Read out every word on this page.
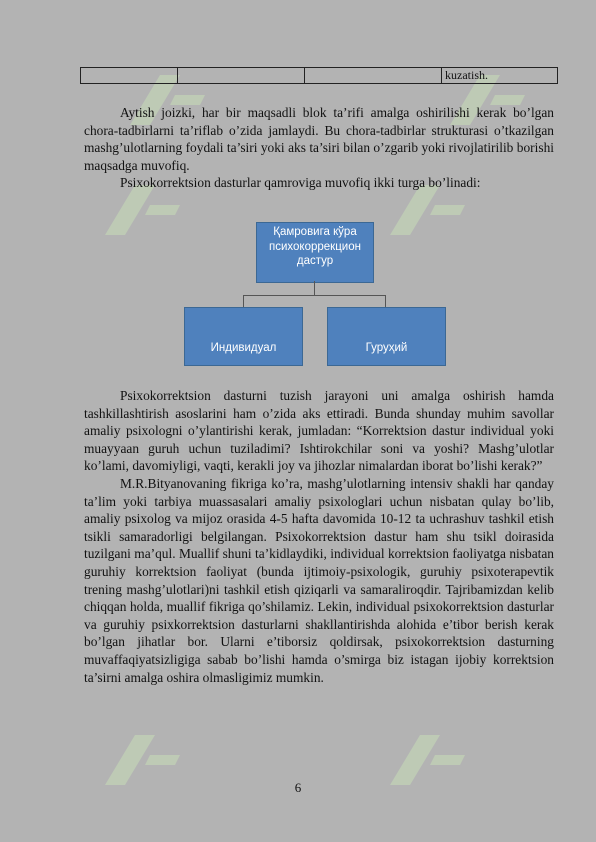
			kuzatish.

Aytish joizki, har bir maqsadli blok ta’rifi amalga oshirilishi kerak bo’lgan chora-tadbirlarni ta’riflab o’zida jamlaydi. Bu chora-tadbirlar strukturasi o’tkazilgan mashg’ulotlarning foydali ta’siri yoki aks ta’siri bilan o’zgarib yoki rivojlatirilib borishi maqsadga muvofiq.

Psixokorrektsion dasturlar qamroviga muvofiq ikki turga bo’linadi:

Қамровига кўра
психокоррекцион
дастур
Индивидуал	Гуруҳий

Psixokorrektsion dasturni tuzish jarayoni uni amalga oshirish hamda tashkillashtirish asoslarini ham o’zida aks ettiradi. Bunda shunday muhim savollar amaliy psixologni o’ylantirishi kerak, jumladan: “Korrektsion dastur individual yoki muayyaan guruh uchun tuziladimi? Ishtirokchilar soni va yoshi? Mashg’ulotlar ko’lami, davomiyligi, vaqti, kerakli joy va jihozlar nimalardan iborat bo’lishi kerak?”

M.R.Bityanovaning fikriga ko’ra, mashg’ulotlarning intensiv shakli har qanday ta’lim yoki tarbiya muassasalari amaliy psixologlari uchun nisbatan qulay bo’lib, amaliy psixolog va mijoz orasida 4-5 hafta davomida 10-12 ta uchrashuv tashkil etish tsikli samaradorligi belgilangan. Psixokorrektsion dastur ham shu tsikl doirasida tuzilgani ma’qul. Muallif shuni ta’kidlaydiki, individual korrektsion faoliyatga nisbatan guruhiy korrektsion faoliyat (bunda ijtimoiy-psixologik, guruhiy psixoterapevtik trening mashg’ulotlari)ni tashkil etish qiziqarli va samaraliroqdir. Tajribamizdan kelib chiqqan holda, muallif fikriga qo’shilamiz. Lekin, individual psixokorrektsion dasturlar va guruhiy psixkorrektsion dasturlarni shakllantirishda alohida e’tibor berish kerak bo’lgan jihatlar bor. Ularni e’tiborsiz qoldirsak, psixokorrektsion dasturning muvaffaqiyatsizligiga sabab bo’lishi hamda o’smirga biz istagan ijobiy korrektsion ta’sirni amalga oshira olmasligimiz mumkin.

6
